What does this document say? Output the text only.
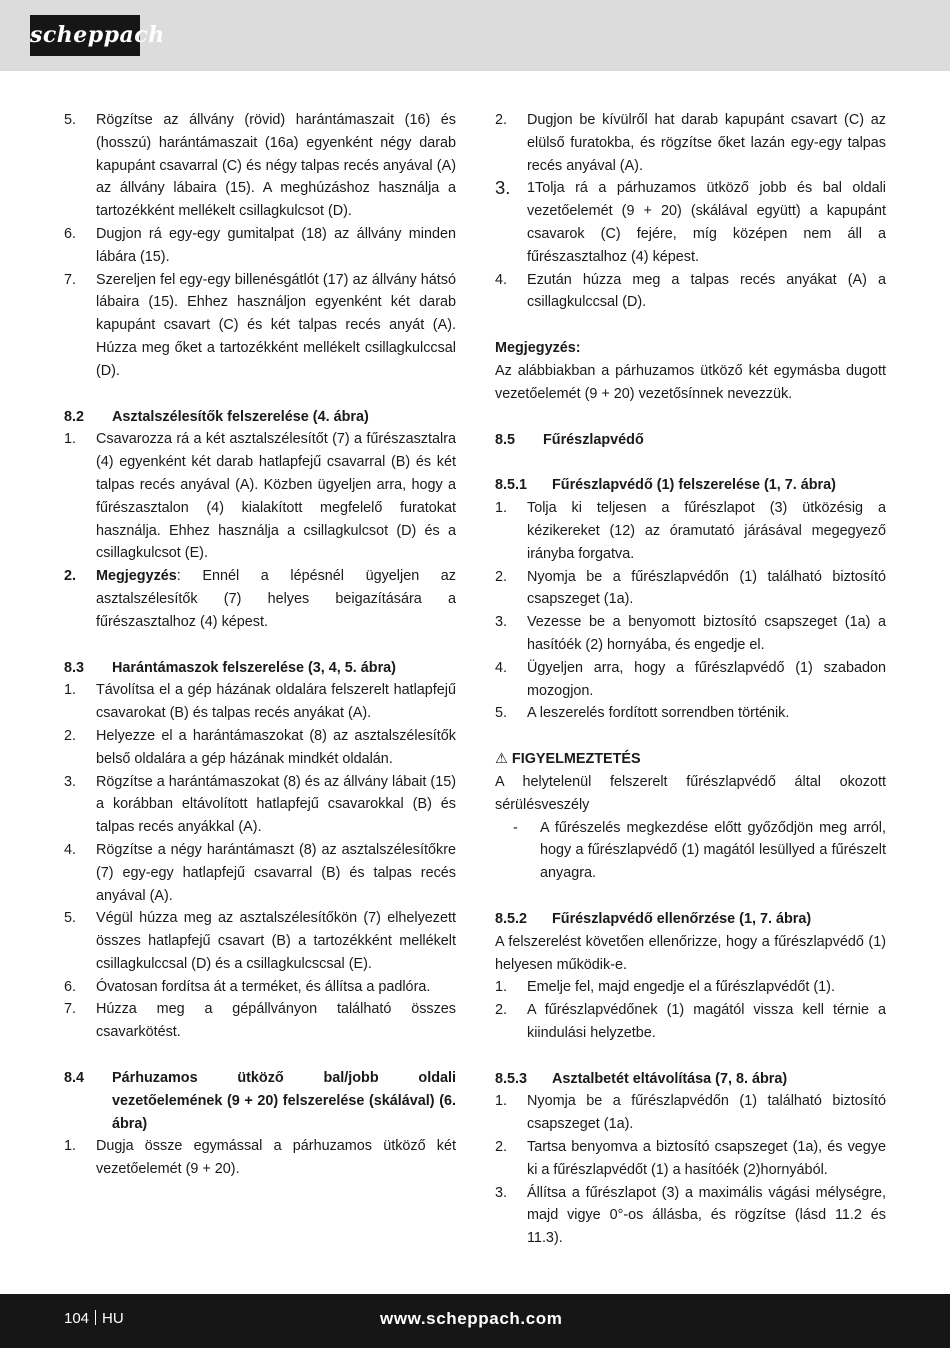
scheppach
5. Rögzítse az állvány (rövid) harántámaszait (16) és (hosszú) harántámaszait (16a) egyenként négy darab kapupánt csavarral (C) és négy talpas recés anyával (A) az állvány lábaira (15). A meghúzáshoz használja a tartozékként mellékelt csillagkulcsot (D).
6. Dugjon rá egy-egy gumitalpat (18) az állvány minden lábára (15).
7. Szereljen fel egy-egy billenésgátlót (17) az állvány hátsó lábaira (15). Ehhez használjon egyenként két darab kapupánt csavart (C) és két talpas recés anyát (A). Húzza meg őket a tartozékként mellékelt csillagkulccsal (D).
8.2 Asztalszélesítők felszerelése (4. ábra)
1. Csavarozza rá a két asztalszélesítőt (7) a fűrészasztalra (4) egyenként két darab hatlapfejű csavarral (B) és két talpas recés anyával (A). Közben ügyeljen arra, hogy a fűrészasztalon (4) kialakított megfelelő furatokat használja. Ehhez használja a csillagkulcsot (D) és a csillagkulcsot (E).
2. Megjegyzés: Ennél a lépésnél ügyeljen az asztalszélesítők (7) helyes beigazítására a fűrészasztalhoz (4) képest.
8.3 Harántámaszok felszerelése (3, 4, 5. ábra)
1. Távolítsa el a gép házának oldalára felszerelt hatlapfejű csavarokat (B) és talpas recés anyákat (A).
2. Helyezze el a harántámaszokat (8) az asztalszélesítők belső oldalára a gép házának mindkét oldalán.
3. Rögzítse a harántámaszokat (8) és az állvány lábait (15) a korábban eltávolított hatlapfejű csavarokkal (B) és talpas recés anyákkal (A).
4. Rögzítse a négy harántámaszt (8) az asztalszélesítőkre (7) egy-egy hatlapfejű csavarral (B) és talpas recés anyával (A).
5. Végül húzza meg az asztalszélesítőkön (7) elhelyezett összes hatlapfejű csavart (B) a tartozékként mellékelt csillagkulccsal (D) és a csillagkulcscsal (E).
6. Óvatosan fordítsa át a terméket, és állítsa a padlóra.
7. Húzza meg a gépállványon található összes csavarkötést.
8.4 Párhuzamos ütköző bal/jobb oldali vezetőelemének (9 + 20) felszerelése (skálával) (6. ábra)
1. Dugja össze egymással a párhuzamos ütköző két vezetőelemét (9 + 20).
2. Dugjon be kívülről hat darab kapupánt csavart (C) az elülső furatokba, és rögzítse őket lazán egy-egy talpas recés anyával (A).
3. 1Tolja rá a párhuzamos ütköző jobb és bal oldali vezetőelemét (9 + 20) (skálával együtt) a kapupánt csavarok (C) fejére, míg középen nem áll a fűrészasztalhoz (4) képest.
4. Ezután húzza meg a talpas recés anyákat (A) a csillagkulccsal (D).
Megjegyzés:
Az alábbiakban a párhuzamos ütköző két egymásba dugott vezetőelemét (9 + 20) vezetősínnek nevezzük.
8.5 Fűrészlapvédő
8.5.1 Fűrészlapvédő (1) felszerelése (1, 7. ábra)
1. Tolja ki teljesen a fűrészlapot (3) ütközésig a kézikereket (12) az óramutató járásával megegyező irányba forgatva.
2. Nyomja be a fűrészlapvédőn (1) található biztosító csapszeget (1a).
3. Vezesse be a benyomott biztosító csapszeget (1a) a hasítóék (2) hornyába, és engedje el.
4. Ügyeljen arra, hogy a fűrészlapvédő (1) szabadon mozogjon.
5. A leszerelés fordított sorrendben történik.
⚠ FIGYELMEZTETÉS
A helytelenül felszerelt fűrészlapvédő által okozott sérülésveszély
- A fűrészelés megkezdése előtt győződjön meg arról, hogy a fűrészlapvédő (1) magától lesüllyed a fűrészelt anyagra.
8.5.2 Fűrészlapvédő ellenőrzése (1, 7. ábra)
A felszerelést követően ellenőrizze, hogy a fűrészlapvédő (1) helyesen működik-e.
1. Emelje fel, majd engedje el a fűrészlapvédőt (1).
2. A fűrészlapvédőnek (1) magától vissza kell térnie a kiindulási helyzetbe.
8.5.3 Asztalbetét eltávolítása (7, 8. ábra)
1. Nyomja be a fűrészlapvédőn (1) található biztosító csapszeget (1a).
2. Tartsa benyomva a biztosító csapszeget (1a), és vegye ki a fűrészlapvédőt (1) a hasítóék (2)hornyából.
3. Állítsa a fűrészlapot (3) a maximális vágási mélységre, majd vigye 0°-os állásba, és rögzítse (lásd 11.2 és 11.3).
104 HU	www.scheppach.com
